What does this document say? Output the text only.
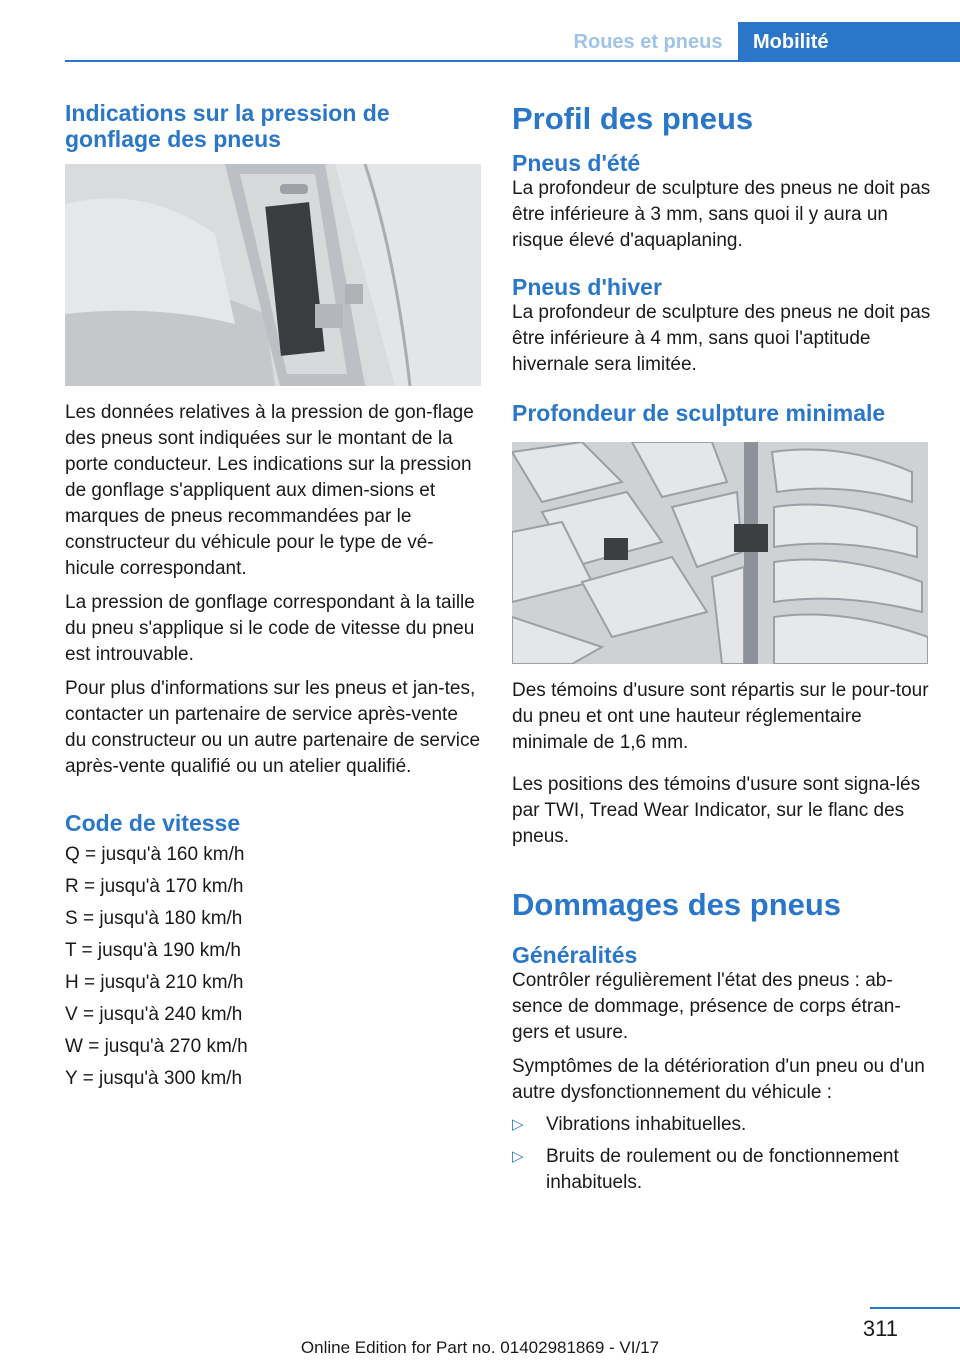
Roues et pneus	Mobilité
Indications sur la pression de gonflage des pneus

Les données relatives à la pression de gon-flage des pneus sont indiquées sur le montant de la porte conducteur. Les indications sur la pression de gonflage s'appliquent aux dimen-sions et marques de pneus recommandées par le constructeur du véhicule pour le type de vé-hicule correspondant.

La pression de gonflage correspondant à la taille du pneu s'applique si le code de vitesse du pneu est introuvable.

Pour plus d'informations sur les pneus et jan-tes, contacter un partenaire de service après-vente du constructeur ou un autre partenaire de service après-vente qualifié ou un atelier qualifié.

Code de vitesse

Q = jusqu'à 160 km/h

R = jusqu'à 170 km/h

S = jusqu'à 180 km/h

T = jusqu'à 190 km/h

H = jusqu'à 210 km/h

V = jusqu'à 240 km/h

W = jusqu'à 270 km/h

Y = jusqu'à 300 km/h

Profil des pneus
Pneus d'été

La profondeur de sculpture des pneus ne doit pas être inférieure à 3 mm, sans quoi il y aura un risque élevé d'aquaplaning.

Pneus d'hiver

La profondeur de sculpture des pneus ne doit pas être inférieure à 4 mm, sans quoi l'aptitude hivernale sera limitée.

Profondeur de sculpture minimale

Des témoins d'usure sont répartis sur le pour-tour du pneu et ont une hauteur réglementaire minimale de 1,6 mm.

Les positions des témoins d'usure sont signa-lés par TWI, Tread Wear Indicator, sur le flanc des pneus.

Dommages des pneus
Généralités

Contrôler régulièrement l'état des pneus : ab-sence de dommage, présence de corps étran-gers et usure.

Symptômes de la détérioration d'un pneu ou d'un autre dysfonctionnement du véhicule :

▷	Vibrations inhabituelles.
▷	Bruits de roulement ou de fonctionnement inhabituels.
311
Online Edition for Part no. 01402981869 - VI/17
